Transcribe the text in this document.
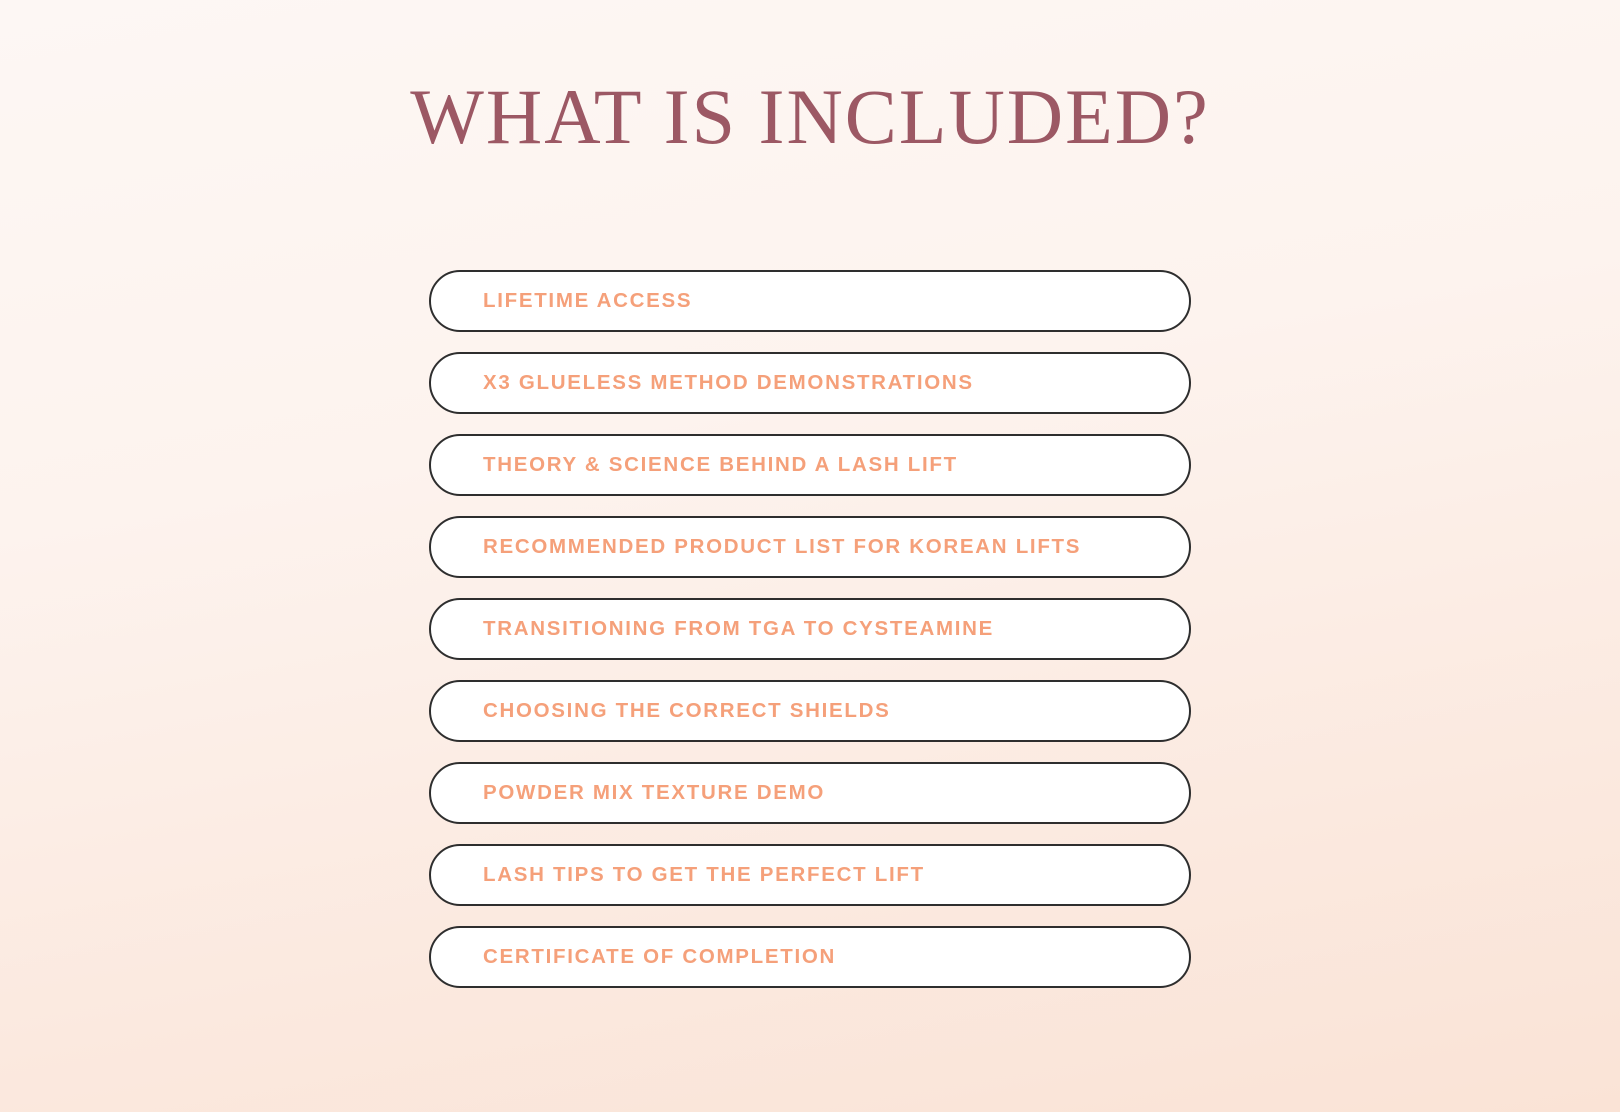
WHAT IS INCLUDED?
LIFETIME ACCESS
X3 GLUELESS METHOD DEMONSTRATIONS
THEORY & SCIENCE BEHIND A LASH LIFT
RECOMMENDED PRODUCT LIST FOR KOREAN LIFTS
TRANSITIONING FROM TGA TO CYSTEAMINE
CHOOSING THE CORRECT SHIELDS
POWDER MIX TEXTURE DEMO
LASH TIPS TO GET THE PERFECT LIFT
CERTIFICATE OF COMPLETION
